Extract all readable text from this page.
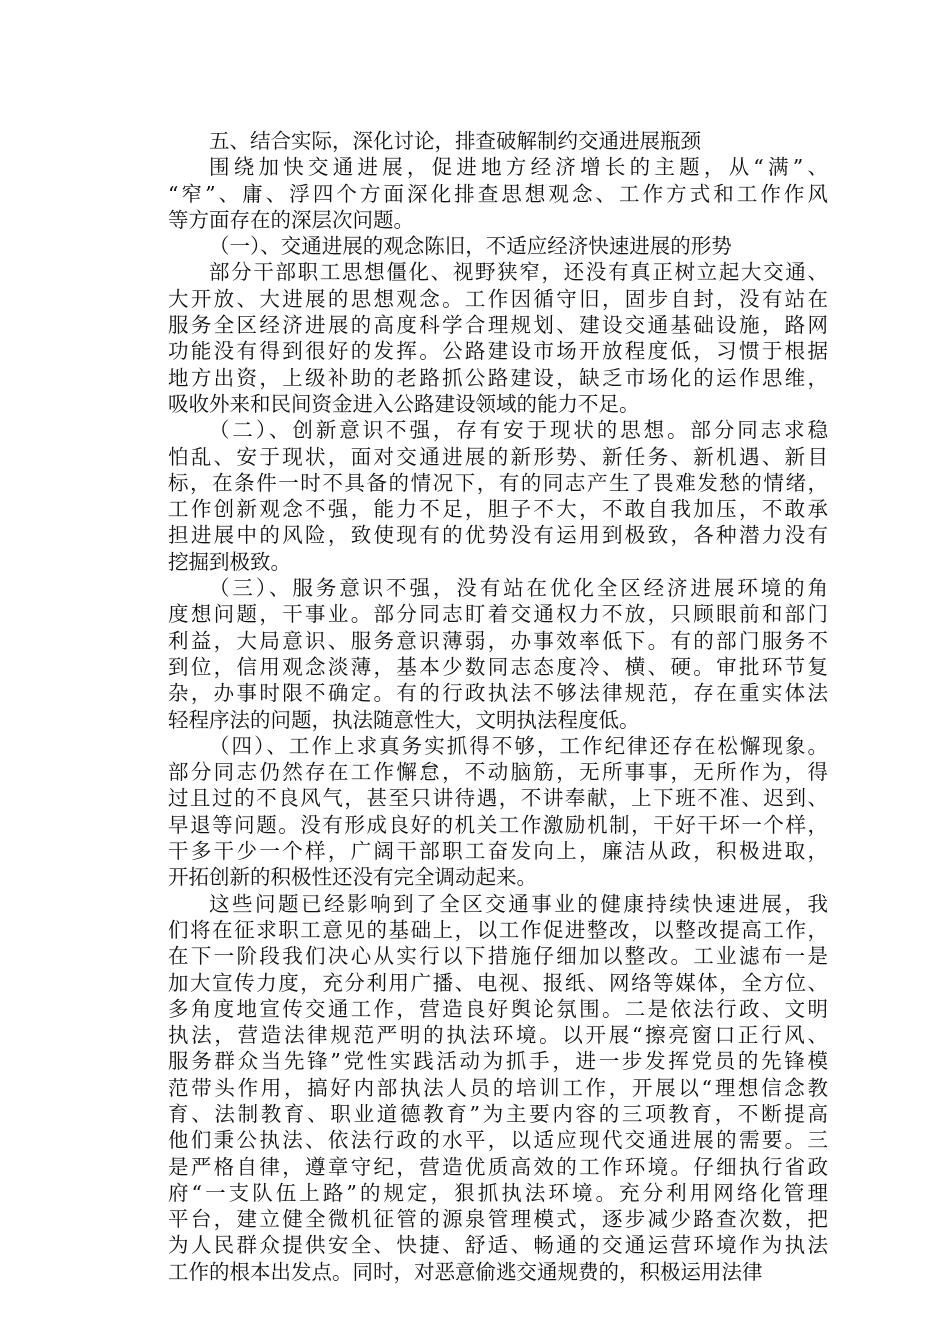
五、结合实际，深化讨论，排查破解制约交通进展瓶颈
围绕加快交通进展，促进地方经济增长的主题，从“满”、
“窄”、庸、浮四个方面深化排查思想观念、工作方式和工作作风
等方面存在的深层次问题。
（一）、交通进展的观念陈旧，不适应经济快速进展的形势
部分干部职工思想僵化、视野狭窄，还没有真正树立起大交通、
大开放、大进展的思想观念。工作因循守旧，固步自封，没有站在
服务全区经济进展的高度科学合理规划、建设交通基础设施，路网
功能没有得到很好的发挥。公路建设市场开放程度低，习惯于根据
地方出资，上级补助的老路抓公路建设，缺乏市场化的运作思维，
吸收外来和民间资金进入公路建设领域的能力不足。
（二）、创新意识不强，存有安于现状的思想。部分同志求稳
怕乱、安于现状，面对交通进展的新形势、新任务、新机遇、新目
标，在条件一时不具备的情况下，有的同志产生了畏难发愁的情绪，
工作创新观念不强，能力不足，胆子不大，不敢自我加压，不敢承
担进展中的风险，致使现有的优势没有运用到极致，各种潜力没有
挖掘到极致。
（三）、服务意识不强，没有站在优化全区经济进展环境的角
度想问题，干事业。部分同志盯着交通权力不放，只顾眼前和部门
利益，大局意识、服务意识薄弱，办事效率低下。有的部门服务不
到位，信用观念淡薄，基本少数同志态度冷、横、硬。审批环节复
杂，办事时限不确定。有的行政执法不够法律规范，存在重实体法
轻程序法的问题，执法随意性大，文明执法程度低。
（四）、工作上求真务实抓得不够，工作纪律还存在松懈现象。
部分同志仍然存在工作懈怠，不动脑筋，无所事事，无所作为，得
过且过的不良风气，甚至只讲待遇，不讲奉献，上下班不准、迟到、
早退等问题。没有形成良好的机关工作激励机制，干好干坏一个样，
干多干少一个样，广阔干部职工奋发向上，廉洁从政，积极进取，
开拓创新的积极性还没有完全调动起来。
这些问题已经影响到了全区交通事业的健康持续快速进展，我
们将在征求职工意见的基础上，以工作促进整改，以整改提高工作，
在下一阶段我们决心从实行以下措施仔细加以整改。工业滤布一是
加大宣传力度，充分利用广播、电视、报纸、网络等媒体，全方位、
多角度地宣传交通工作，营造良好舆论氛围。二是依法行政、文明
执法，营造法律规范严明的执法环境。以开展“擦亮窗口正行风、
服务群众当先锋”党性实践活动为抓手，进一步发挥党员的先锋模
范带头作用，搞好内部执法人员的培训工作，开展以“理想信念教
育、法制教育、职业道德教育”为主要内容的三项教育，不断提高
他们秉公执法、依法行政的水平，以适应现代交通进展的需要。三
是严格自律，遵章守纪，营造优质高效的工作环境。仔细执行省政
府“一支队伍上路”的规定，狠抓执法环境。充分利用网络化管理
平台，建立健全微机征管的源泉管理模式，逐步减少路查次数，把
为人民群众提供安全、快捷、舒适、畅通的交通运营环境作为执法
工作的根本出发点。同时，对恶意偷逃交通规费的，积极运用法律
